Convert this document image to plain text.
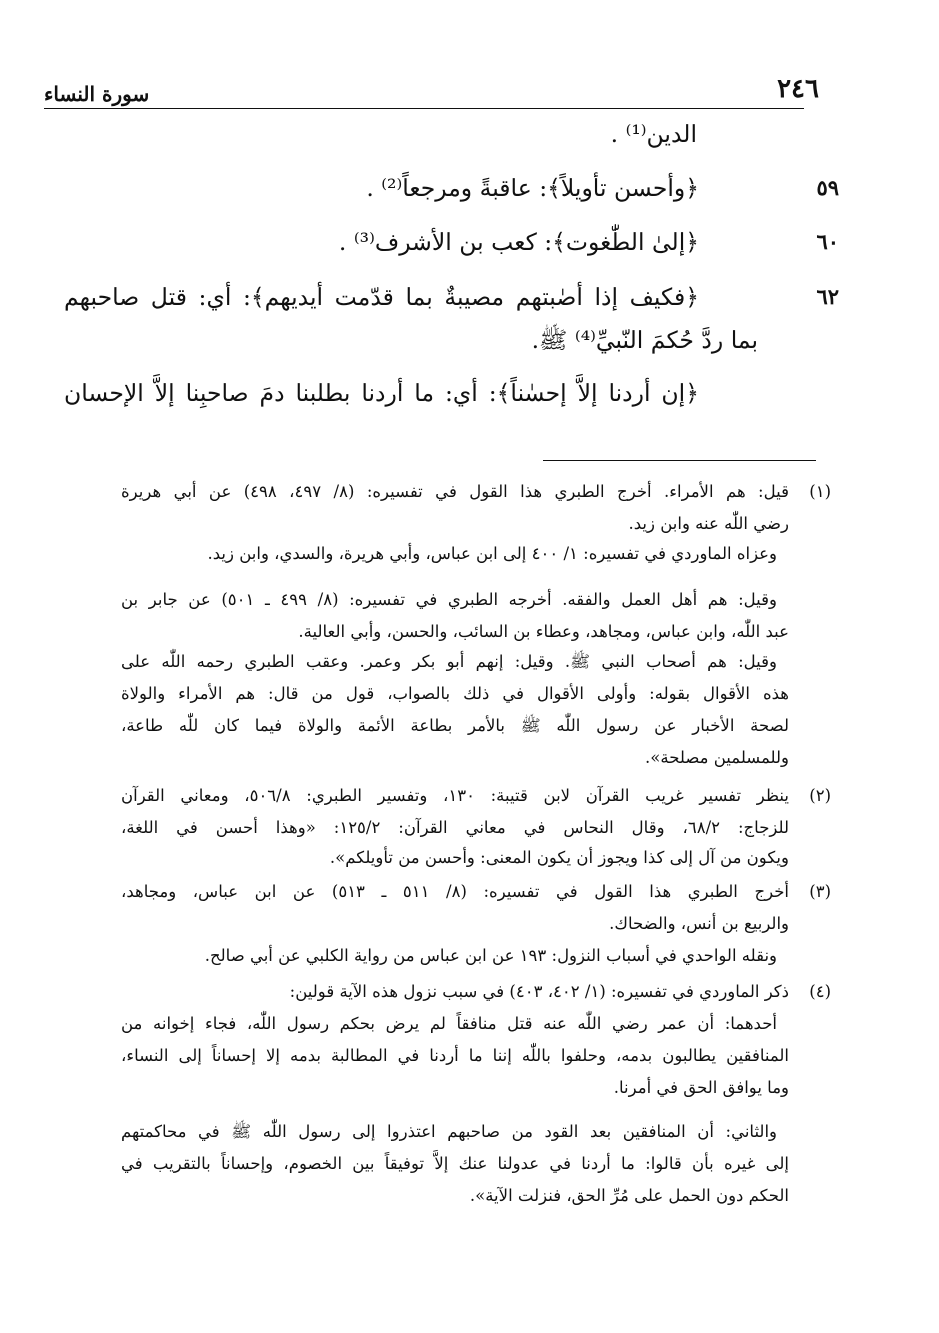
٢٤٦
سورة النساء
الدين⁽¹⁾ .
٥٩
﴿وأحسن تأويلاً﴾: عاقبةً ومرجعاً⁽²⁾ .
٦٠
﴿إلىٰ الطّٰغوت﴾: كعب بن الأشرف⁽³⁾ .
٦٢
﴿فكيف إذا أصٰبتهم مصيبةٌ بما قدّمت أيديهم﴾: أي: قتل صاحبهم
بما ردَّ حُكمَ النّبيِّ⁽⁴⁾ ﷺ.
﴿إن أردنا إلاَّ إحسٰناً﴾: أي: ما أردنا بطلبنا دمَ صاحبِنا إلاَّ الإحسان
(١)
قيل: هم الأمراء. أخرج الطبري هذا القول في تفسيره: (٨/ ٤٩٧، ٤٩٨) عن أبي هريرة
رضي اللّٰه عنه وابن زيد.
وعزاه الماوردي في تفسيره: ١/ ٤٠٠ إلى ابن عباس، وأبي هريرة، والسدي، وابن زيد.
وقيل: هم أهل العمل والفقه. أخرجه الطبري في تفسيره: (٨/ ٤٩٩ ـ ٥٠١) عن جابر بن
عبد اللّٰه، وابن عباس، ومجاهد، وعطاء بن السائب، والحسن، وأبي العالية.
وقيل: هم أصحاب النبي ﷺ. وقيل: إنهم أبو بكر وعمر. وعقب الطبري رحمه اللّٰه على
هذه الأقوال بقوله: وأولى الأقوال في ذلك بالصواب، قول من قال: هم الأمراء والولاة
لصحة الأخبار عن رسول اللّٰه ﷺ بالأمر بطاعة الأئمة والولاة فيما كان للّٰه طاعة،
وللمسلمين مصلحة».
(٢)
ينظر تفسير غريب القرآن لابن قتيبة: ١٣٠، وتفسير الطبري: ٥٠٦/٨، ومعاني القرآن
للزجاج: ٦٨/٢، وقال النحاس في معاني القرآن: ١٢٥/٢: «وهذا أحسن في اللغة،
ويكون من آل إلى كذا ويجوز أن يكون المعنى: وأحسن من تأويلكم».
(٣)
أخرج الطبري هذا القول في تفسيره: (٨/ ٥١١ ـ ٥١٣) عن ابن عباس، ومجاهد،
والربيع بن أنس، والضحاك.
ونقله الواحدي في أسباب النزول: ١٩٣ عن ابن عباس من رواية الكلبي عن أبي صالح.
(٤)
ذكر الماوردي في تفسيره: (١/ ٤٠٢، ٤٠٣) في سبب نزول هذه الآية قولين:
أحدهما: أن عمر رضي اللّٰه عنه قتل منافقاً لم يرض بحكم رسول اللّٰه، فجاء إخوانه من
المنافقين يطالبون بدمه، وحلفوا باللّٰه إننا ما أردنا في المطالبة بدمه إلا إحساناً إلى النساء،
وما يوافق الحق في أمرنا.
والثاني: أن المنافقين بعد القود من صاحبهم اعتذروا إلى رسول اللّٰه ﷺ في محاكمتهم
إلى غيره بأن قالوا: ما أردنا في عدولنا عنك إلاَّ توفيقاً بين الخصوم، وإحساناً بالتقريب في
الحكم دون الحمل على مُرِّ الحق، فنزلت الآية».
